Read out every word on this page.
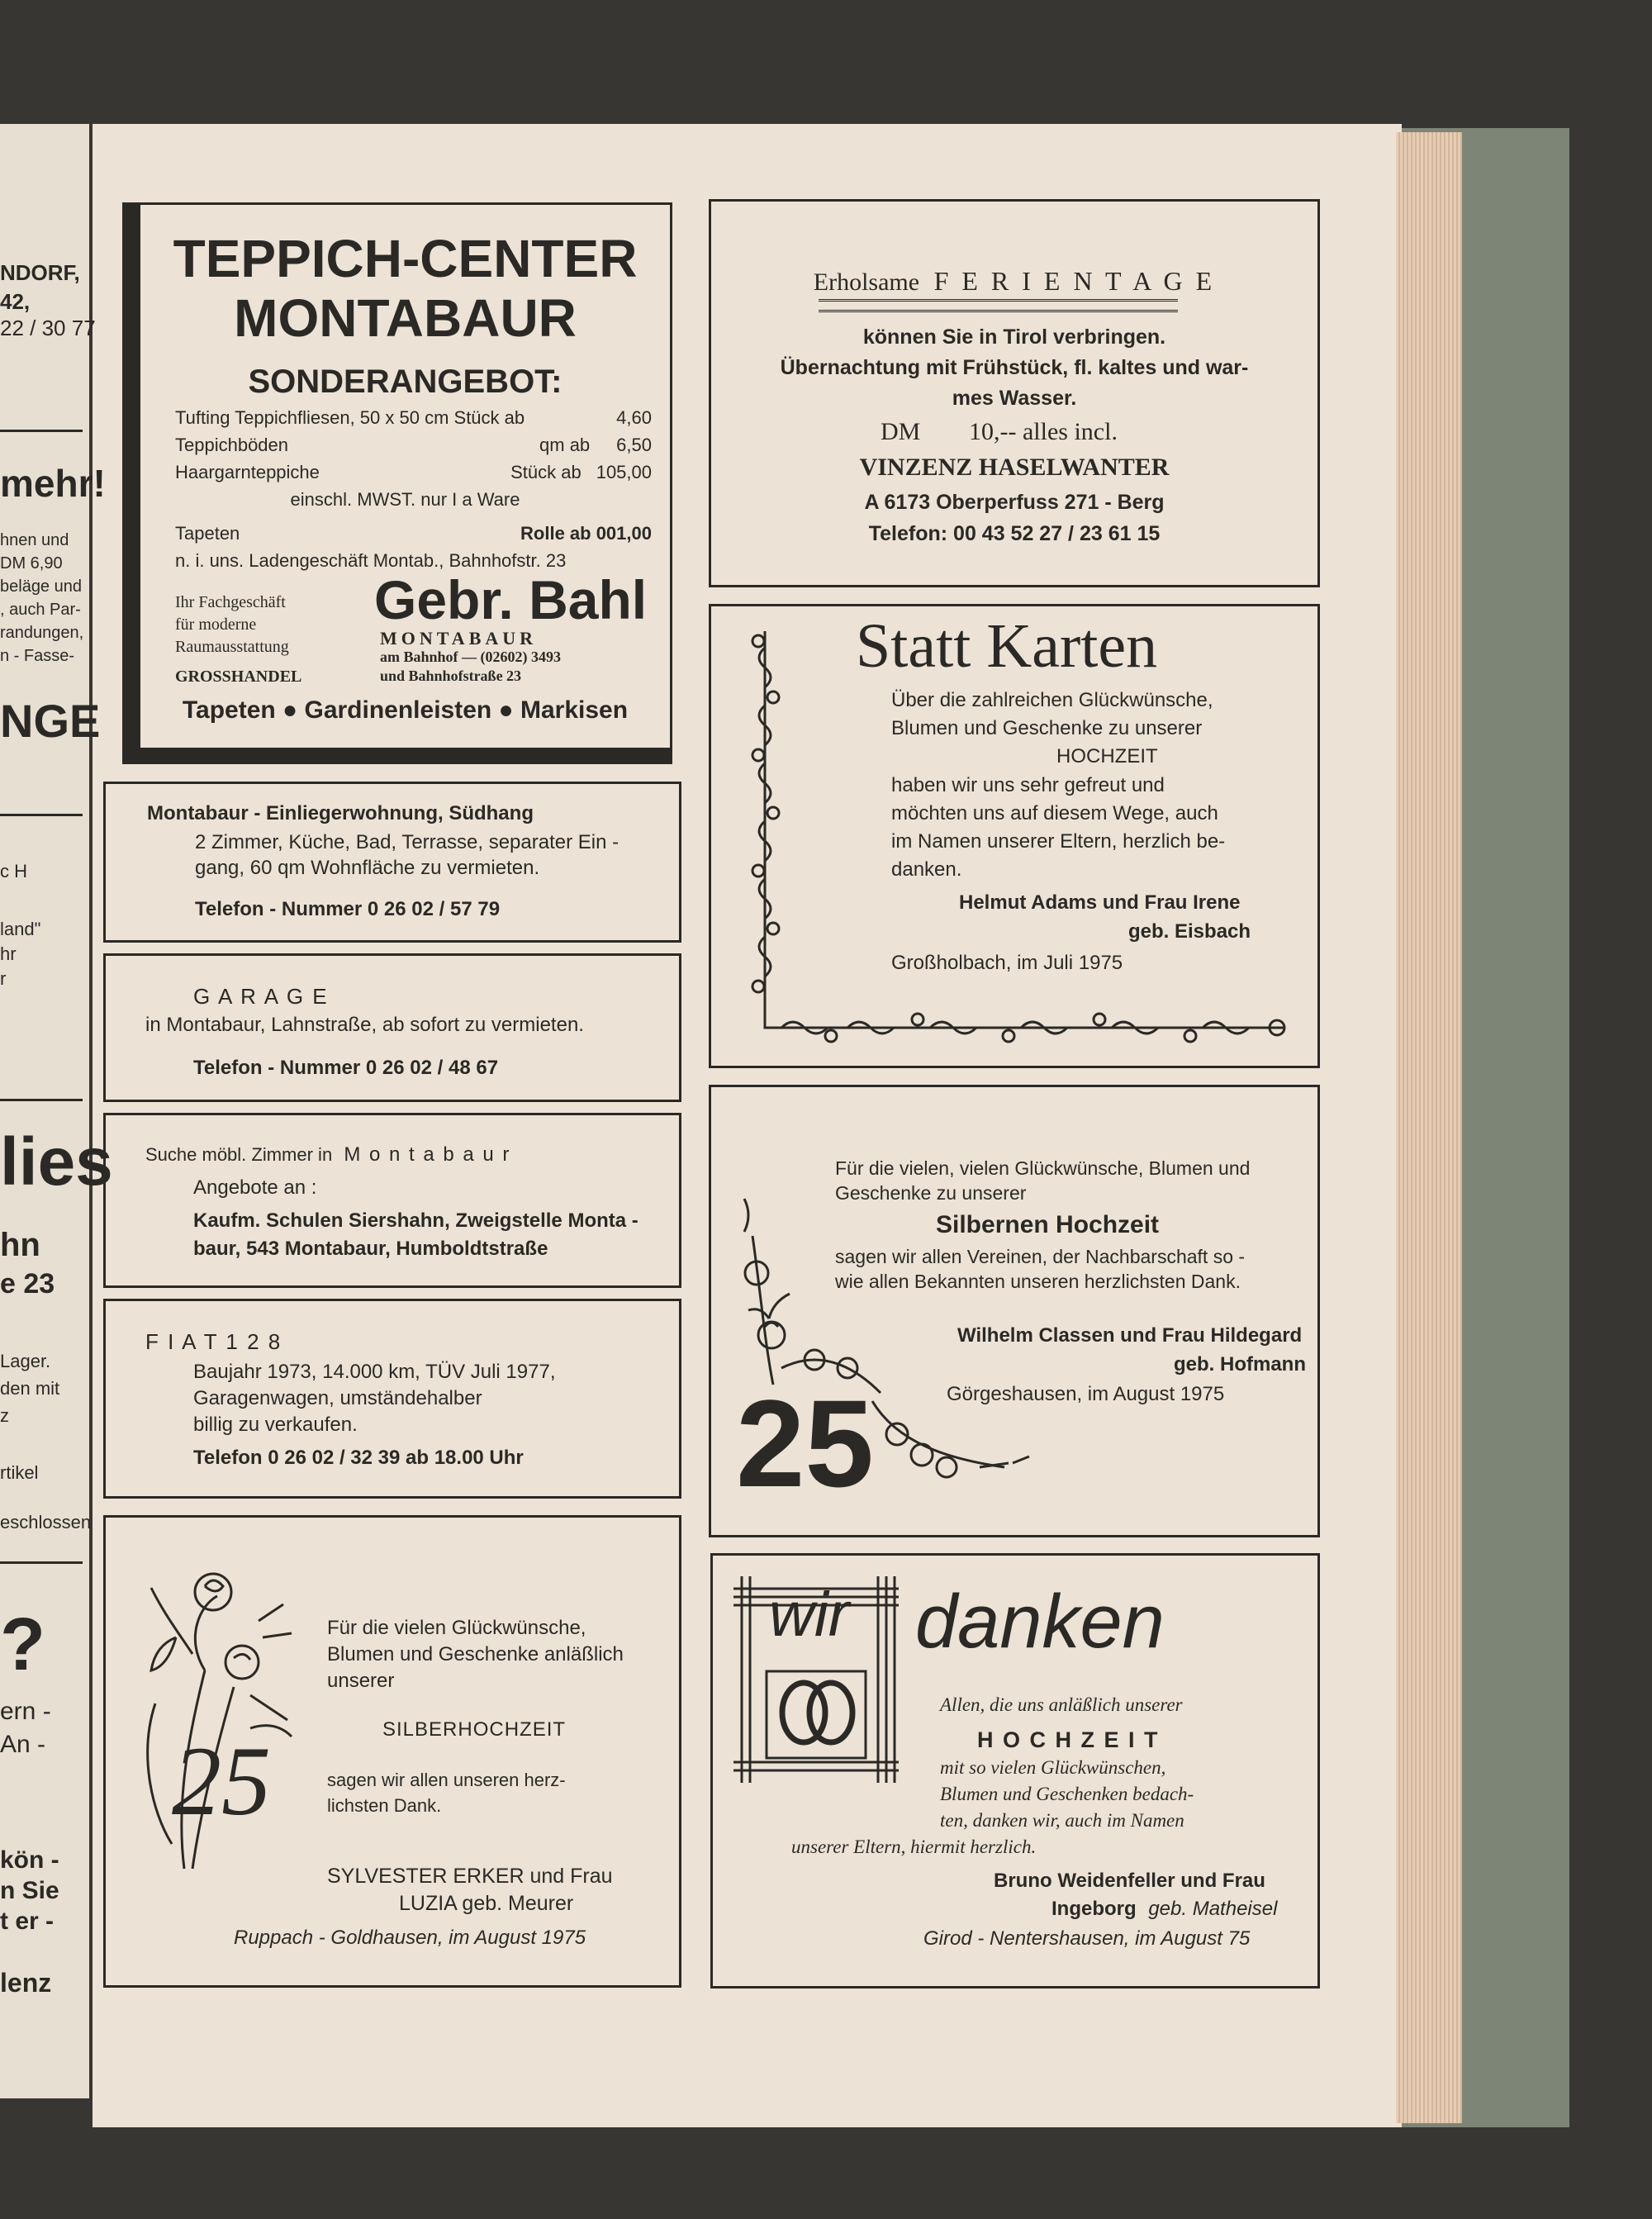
NDORF,
42,
22 / 30 77
mehr!
hnen und
DM 6,90
beläge und
, auch Par-
randungen,
n - Fasse-
NGE
c H
land"
hr
r
lies
hn
e 23
Lager.
den mit
z
rtikel
eschlossen
?
ern -
An -
kön -
n Sie
t er -
lenz
TEPPICH-CENTER
MONTABAUR
SONDERANGEBOT:
Tufting Teppichfliesen, 50 x 50 cm Stück ab	4,60
Teppichböden	qm ab 6,50
Haargarnteppiche	Stück ab 105,00
einschl. MWST. nur I a Ware
Tapeten	Rolle ab 001,00
n. i. uns. Ladengeschäft Montab., Bahnhofstr. 23
Ihr Fachgeschäft
für moderne
Raumausstattung
GROSSHANDEL
Gebr. Bahl
MONTABAUR
am Bahnhof — (02602) 3493
und Bahnhofstraße 23
Tapeten ● Gardinenleisten ● Markisen
Montabaur - Einliegerwohnung, Südhang
2 Zimmer, Küche, Bad, Terrasse, separater Ein -
gang, 60 qm Wohnfläche zu vermieten.
Telefon - Nummer 0 26 02 / 57 79
G A R A G E
in Montabaur, Lahnstraße, ab sofort zu vermieten.
Telefon - Nummer 0 26 02 / 48 67
Suche möbl. Zimmer in M o n t a b a u r
Angebote an :
Kaufm. Schulen Siershahn, Zweigstelle Monta -
baur, 543 Montabaur, Humboldtstraße
F I A T 1 2 8
Baujahr 1973, 14.000 km, TÜV Juli 1977,
Garagenwagen, umständehalber
billig zu verkaufen.
Telefon 0 26 02 / 32 39 ab 18.00 Uhr
25
Für die vielen Glückwünsche,
Blumen und Geschenke anläßlich
unserer
SILBERHOCHZEIT
sagen wir allen unseren herz-
lichsten Dank.
SYLVESTER ERKER und Frau
LUZIA geb. Meurer
Ruppach - Goldhausen, im August 1975
Erholsame F E R I E N T A G E
können Sie in Tirol verbringen.
Übernachtung mit Frühstück, fl. kaltes und war-
mes Wasser.
DM 10,-- alles incl.
VINZENZ HASELWANTER
A 6173 Oberperfuss 271 - Berg
Telefon: 00 43 52 27 / 23 61 15
Statt Karten
Über die zahlreichen Glückwünsche,
Blumen und Geschenke zu unserer
HOCHZEIT
haben wir uns sehr gefreut und
möchten uns auf diesem Wege, auch
im Namen unserer Eltern, herzlich be-
danken.
Helmut Adams und Frau Irene
geb. Eisbach
Großholbach, im Juli 1975
25
Für die vielen, vielen Glückwünsche, Blumen und
Geschenke zu unserer
Silbernen Hochzeit
sagen wir allen Vereinen, der Nachbarschaft so -
wie allen Bekannten unseren herzlichsten Dank.
Wilhelm Classen und Frau Hildegard
geb. Hofmann
Görgeshausen, im August 1975
wir danken
Allen, die uns anläßlich unserer
H O C H Z E I T
mit so vielen Glückwünschen,
Blumen und Geschenken bedach-
ten, danken wir, auch im Namen
unserer Eltern, hiermit herzlich.
Bruno Weidenfeller und Frau
Ingeborg geb. Matheisel
Girod - Nentershausen, im August 75
